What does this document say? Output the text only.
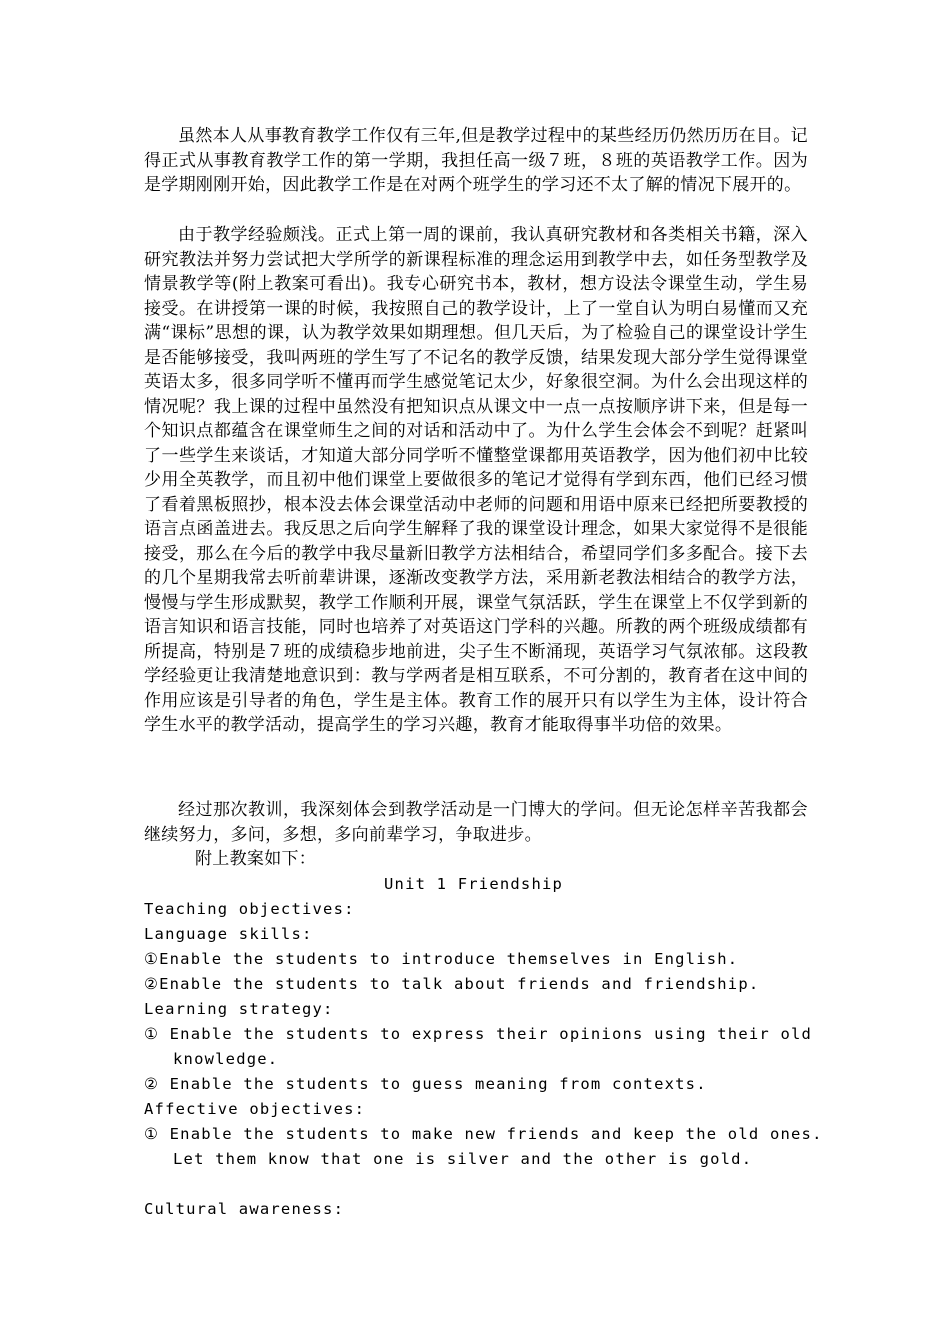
虽然本人从事教育教学工作仅有三年,但是教学过程中的某些经历仍然历历在目。记得正式从事教育教学工作的第一学期，我担任高一级７班，８班的英语教学工作。因为是学期刚刚开始，因此教学工作是在对两个班学生的学习还不太了解的情况下展开的。

由于教学经验颇浅。正式上第一周的课前，我认真研究教材和各类相关书籍，深入研究教法并努力尝试把大学所学的新课程标准的理念运用到教学中去，如任务型教学及情景教学等(附上教案可看出)。我专心研究书本，教材，想方设法令课堂生动，学生易接受。在讲授第一课的时候，我按照自己的教学设计，上了一堂自认为明白易懂而又充满“课标”思想的课，认为教学效果如期理想。但几天后，为了检验自己的课堂设计学生是否能够接受，我叫两班的学生写了不记名的教学反馈，结果发现大部分学生觉得课堂英语太多，很多同学听不懂再而学生感觉笔记太少，好象很空洞。为什么会出现这样的情况呢？我上课的过程中虽然没有把知识点从课文中一点一点按顺序讲下来，但是每一个知识点都蕴含在课堂师生之间的对话和活动中了。为什么学生会体会不到呢？赶紧叫了一些学生来谈话，才知道大部分同学听不懂整堂课都用英语教学，因为他们初中比较少用全英教学，而且初中他们课堂上要做很多的笔记才觉得有学到东西，他们已经习惯了看着黑板照抄，根本没去体会课堂活动中老师的问题和用语中原来已经把所要教授的语言点函盖进去。我反思之后向学生解释了我的课堂设计理念，如果大家觉得不是很能接受，那么在今后的教学中我尽量新旧教学方法相结合，希望同学们多多配合。接下去的几个星期我常去听前辈讲课，逐渐改变教学方法，采用新老教法相结合的教学方法，慢慢与学生形成默契，教学工作顺利开展，课堂气氛活跃，学生在课堂上不仅学到新的语言知识和语言技能，同时也培养了对英语这门学科的兴趣。所教的两个班级成绩都有所提高，特别是７班的成绩稳步地前进，尖子生不断涌现，英语学习气氛浓郁。这段教学经验更让我清楚地意识到：教与学两者是相互联系，不可分割的，教育者在这中间的作用应该是引导者的角色，学生是主体。教育工作的展开只有以学生为主体，设计符合学生水平的教学活动，提高学生的学习兴趣，教育才能取得事半功倍的效果。

经过那次教训，我深刻体会到教学活动是一门博大的学问。但无论怎样辛苦我都会继续努力，多问，多想，多向前辈学习，争取进步。

附上教案如下：

Unit 1 Friendship

Teaching objectives:

Language skills:

①Enable the students to introduce themselves in English.

②Enable the students to talk about friends and friendship.

Learning strategy:

① Enable the students to express their opinions using their old knowledge.

② Enable the students to guess meaning from contexts.

Affective objectives:

① Enable the students to make new friends and keep the old ones. Let them know that one is silver and the other is gold.

Cultural awareness:
